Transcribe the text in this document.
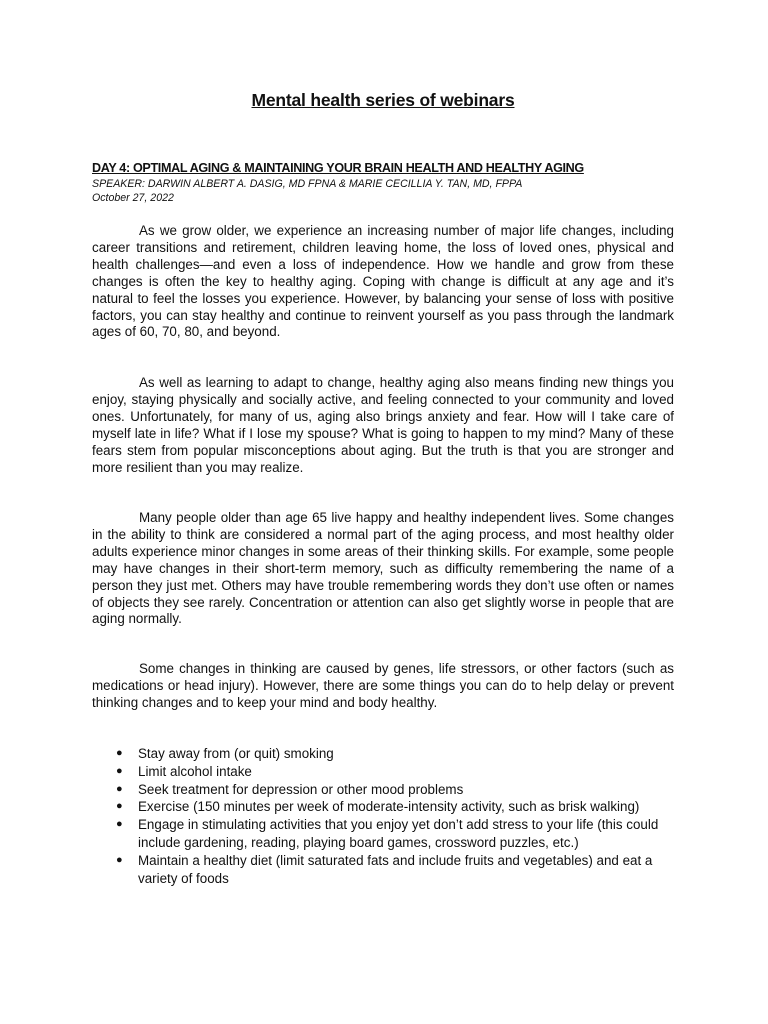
Mental health series of webinars

DAY 4: OPTIMAL AGING & MAINTAINING YOUR BRAIN HEALTH AND HEALTHY AGING

SPEAKER: DARWIN ALBERT A. DASIG, MD FPNA & MARIE CECILLIA Y. TAN, MD, FPPA

October 27, 2022

As we grow older, we experience an increasing number of major life changes, including career transitions and retirement, children leaving home, the loss of loved ones, physical and health challenges—and even a loss of independence. How we handle and grow from these changes is often the key to healthy aging. Coping with change is difficult at any age and it’s natural to feel the losses you experience. However, by balancing your sense of loss with positive factors, you can stay healthy and continue to reinvent yourself as you pass through the landmark ages of 60, 70, 80, and beyond.

As well as learning to adapt to change, healthy aging also means finding new things you enjoy, staying physically and socially active, and feeling connected to your community and loved ones. Unfortunately, for many of us, aging also brings anxiety and fear. How will I take care of myself late in life? What if I lose my spouse? What is going to happen to my mind? Many of these fears stem from popular misconceptions about aging. But the truth is that you are stronger and more resilient than you may realize.

Many people older than age 65 live happy and healthy independent lives. Some changes in the ability to think are considered a normal part of the aging process, and most healthy older adults experience minor changes in some areas of their thinking skills. For example, some people may have changes in their short-term memory, such as difficulty remembering the name of a person they just met. Others may have trouble remembering words they don’t use often or names of objects they see rarely. Concentration or attention can also get slightly worse in people that are aging normally.

Some changes in thinking are caused by genes, life stressors, or other factors (such as medications or head injury). However, there are some things you can do to help delay or prevent thinking changes and to keep your mind and body healthy.

● Stay away from (or quit) smoking
● Limit alcohol intake
● Seek treatment for depression or other mood problems
● Exercise (150 minutes per week of moderate-intensity activity, such as brisk walking)
● Engage in stimulating activities that you enjoy yet don’t add stress to your life (this could include gardening, reading, playing board games, crossword puzzles, etc.)
● Maintain a healthy diet (limit saturated fats and include fruits and vegetables) and eat a variety of foods
